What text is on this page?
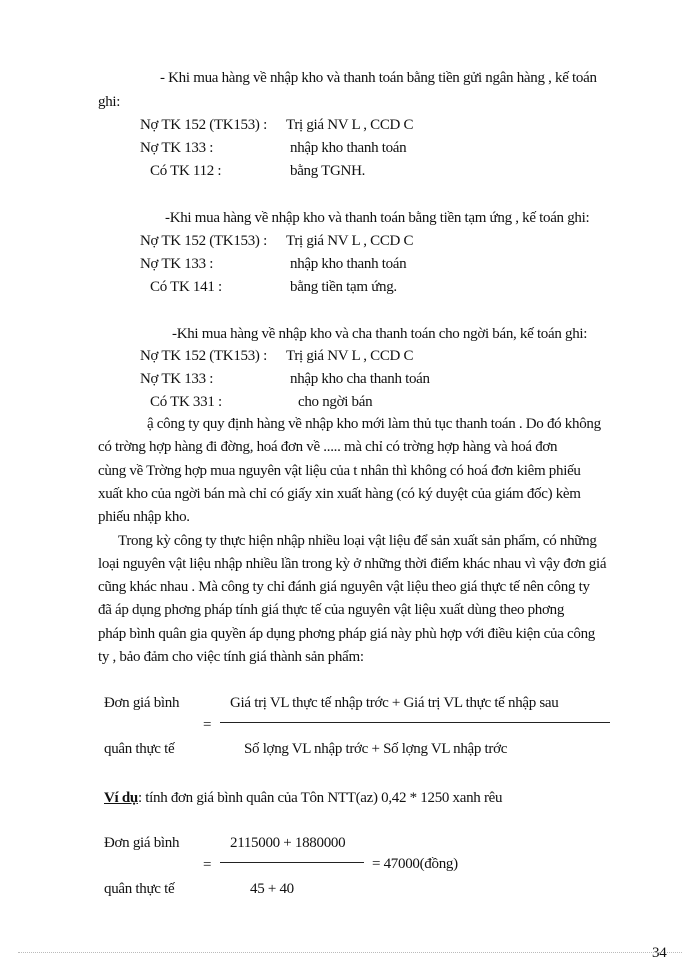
- Khi mua hàng về nhập kho và thanh toán bằng tiền gửi ngân hàng , kế toán
ghi:
Nợ TK 152 (TK153) : Trị giá NV L , CCD C
Nợ TK 133 :	nhập kho thanh toán
Có TK 112 :	bằng TGNH.
-Khi mua hàng về nhập kho và thanh toán bằng tiền tạm ứng , kế toán ghi:
Nợ TK 152 (TK153) : Trị giá NV L , CCD C
Nợ TK 133 :	nhập kho thanh toán
Có TK 141 :	bằng tiền tạm ứng.
-Khi mua hàng về nhập kho và cha thanh toán cho ngời bán, kế toán ghi:
Nợ TK 152 (TK153) : Trị giá NV L , CCD C
Nợ TK 133 :	nhập kho cha thanh toán
Có TK 331 :	cho ngời bán
ậ công ty quy định hàng về nhập kho mới làm thủ tục thanh toán . Do đó không
có trờng hợp hàng đi đờng, hoá đơn về ..... mà chỉ có trờng hợp hàng và hoá đơn
cùng về Trờng hợp mua nguyên vật liệu của t nhân thì không có hoá đơn kiêm phiếu
xuất kho của ngời bán mà chỉ có giấy xin xuất hàng (có ký duyệt của giám đốc) kèm
phiếu nhập kho.
Trong kỳ công ty thực hiện nhập nhiều loại vật liệu để sản xuất sản phẩm, có những
loại nguyên vật liệu nhập nhiều lần trong kỳ ở những thời điểm khác nhau vì vậy đơn giá
cũng khác nhau . Mà công ty chỉ đánh giá nguyên vật liệu theo giá thực tế nên công ty
đã áp dụng phơng pháp tính giá thực tế của nguyên vật liệu xuất dùng theo phơng
pháp bình quân gia quyền áp dụng phơng pháp giá này phù hợp với điều kiện của công
ty , bảo đảm cho việc tính giá thành sản phẩm:
Đơn giá bình
quân thực tế
=
Giá trị VL thực tế nhập trớc + Giá trị VL thực tế nhập sau
Số lợng VL nhập trớc + Số lợng VL nhập trớc
Ví dụ: tính đơn giá bình quân của Tôn NTT(az) 0,42 * 1250 xanh rêu
Đơn giá bình
quân thực tế
=
2115000 + 1880000
45 + 40
= 47000(đồng)
34
